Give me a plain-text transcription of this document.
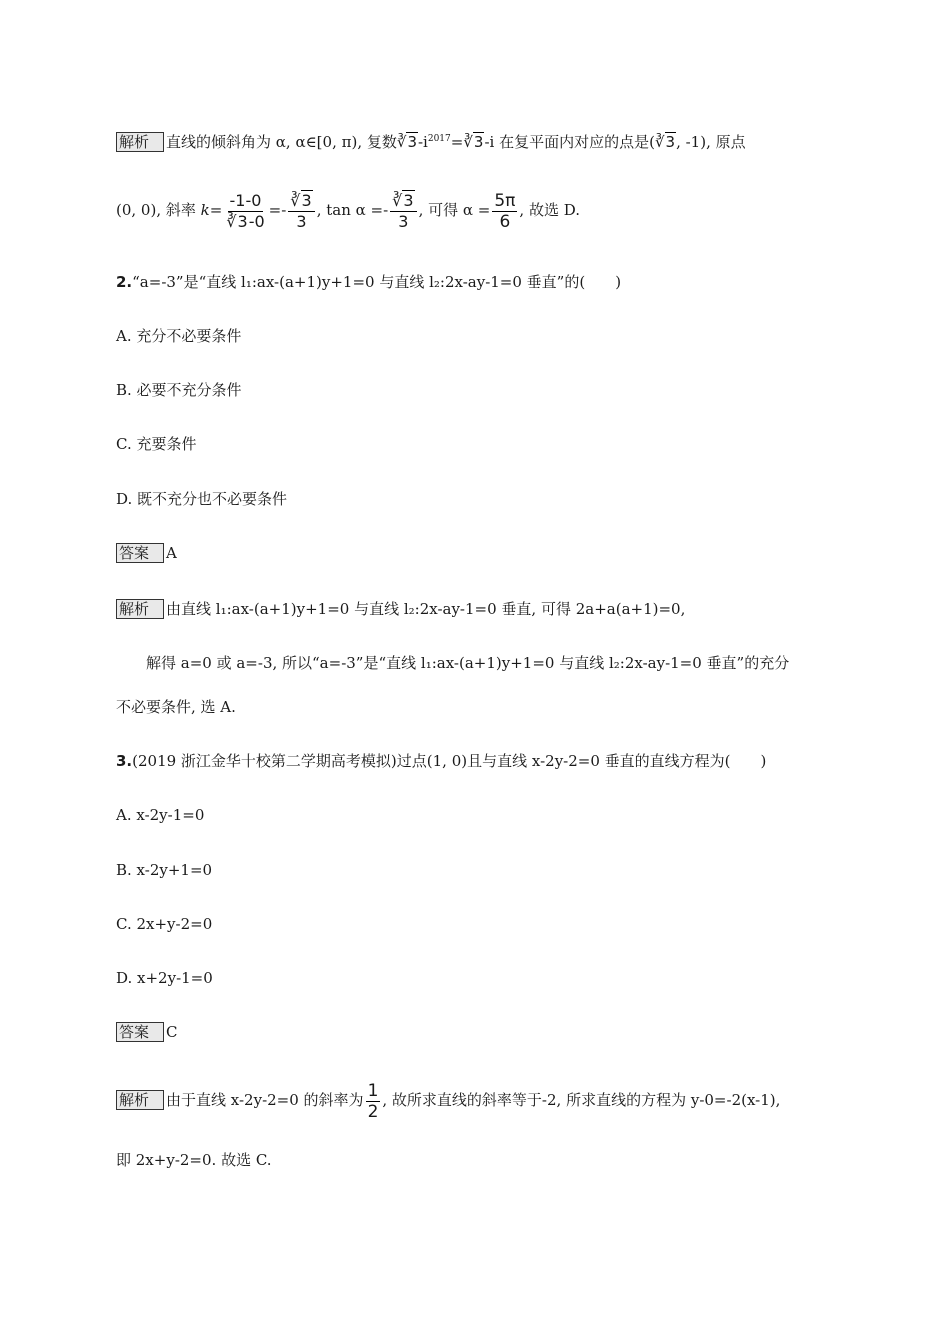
解析 直线的倾斜角为 α, α∈[0, π), 复数$∛3-i^{2017}=∛3-i$ 在复平面内对应的点是(∛3, -1), 原点
(0, 0), 斜率 $k= \frac{-1-0}{∛3-0} =- \frac{∛3}{3}$ , $\tan \alpha =- \frac{∛3}{3}$ , 可得 $\alpha = \frac{5\pi}{6}$ , 故选 D.
2.“a=-3”是“直线 l₁:ax-(a+1)y+1=0 与直线 l₂:2x-ay-1=0 垂直”的(　　)
A. 充分不必要条件
B. 必要不充分条件
C. 充要条件
D. 既不充分也不必要条件
答案 A
解析 由直线 l₁:ax-(a+1)y+1=0 与直线 l₂:2x-ay-1=0 垂直, 可得 2a+a(a+1)=0,
解得 a=0 或 a=-3, 所以“a=-3”是“直线 l₁:ax-(a+1)y+1=0 与直线 l₂:2x-ay-1=0 垂直”的充分
不必要条件, 选 A.
3.(2019 浙江金华十校第二学期高考模拟)过点(1, 0)且与直线 x-2y-2=0 垂直的直线方程为(　　)
A. x-2y-1=0
B. x-2y+1=0
C. 2x+y-2=0
D. x+2y-1=0
答案 C
解析 由于直线 x-2y-2=0 的斜率为 $\frac{1}{2}$ , 故所求直线的斜率等于-2, 所求直线的方程为 y-0=-2(x-1),
即 2x+y-2=0. 故选 C.
